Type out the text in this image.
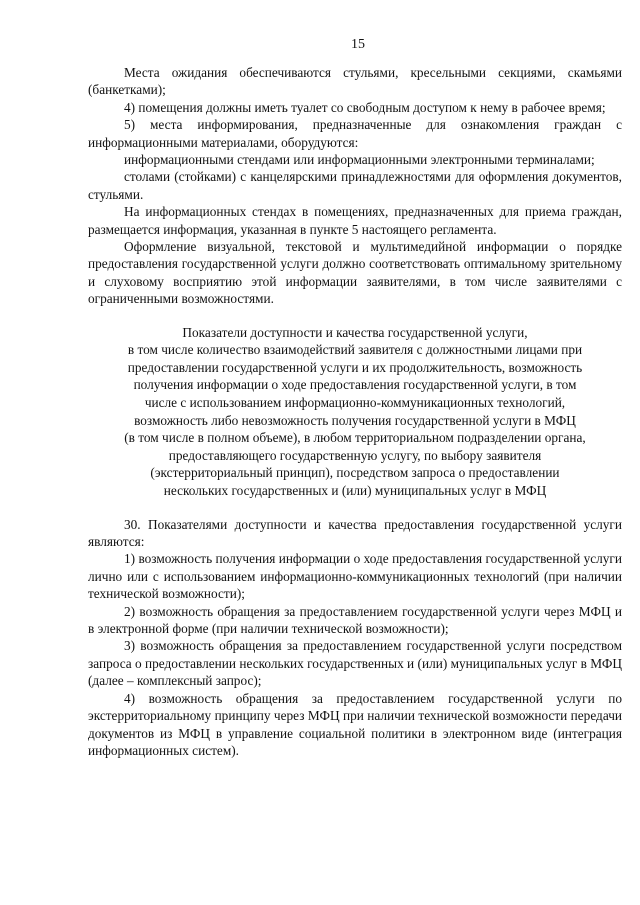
15

Места ожидания обеспечиваются стульями, кресельными секциями, скамьями (банкетками);

4) помещения должны иметь туалет со свободным доступом к нему в рабочее время;

5) места информирования, предназначенные для ознакомления граждан с информационными материалами, оборудуются:

информационными стендами или информационными электронными терминалами;

столами (стойками) с канцелярскими принадлежностями для оформления документов, стульями.

На информационных стендах в помещениях, предназначенных для приема граждан, размещается информация, указанная в пункте 5 настоящего регламента.

Оформление визуальной, текстовой и мультимедийной информации о порядке предоставления государственной услуги должно соответствовать оптимальному зрительному и слуховому восприятию этой информации заявителями, в том числе заявителями с ограниченными возможностями.

Показатели доступности и качества государственной услуги,
в том числе количество взаимодействий заявителя с должностными лицами при
предоставлении государственной услуги и их продолжительность, возможность
получения информации о ходе предоставления государственной услуги, в том
числе с использованием информационно-коммуникационных технологий,
возможность либо невозможность получения государственной услуги в МФЦ
(в том числе в полном объеме), в любом территориальном подразделении органа,
предоставляющего государственную услугу, по выбору заявителя
(экстерриториальный принцип), посредством запроса о предоставлении
нескольких государственных и (или) муниципальных услуг в МФЦ

30. Показателями доступности и качества предоставления государственной услуги являются:

1) возможность получения информации о ходе предоставления государственной услуги лично или с использованием информационно-коммуникационных технологий (при наличии технической возможности);

2) возможность обращения за предоставлением государственной услуги через МФЦ и в электронной форме (при наличии технической возможности);

3) возможность обращения за предоставлением государственной услуги посредством запроса о предоставлении нескольких государственных и (или) муниципальных услуг в МФЦ (далее – комплексный запрос);

4) возможность обращения за предоставлением государственной услуги по экстерриториальному принципу через МФЦ при наличии технической возможности передачи документов из МФЦ в управление социальной политики в электронном виде (интеграция информационных систем).
